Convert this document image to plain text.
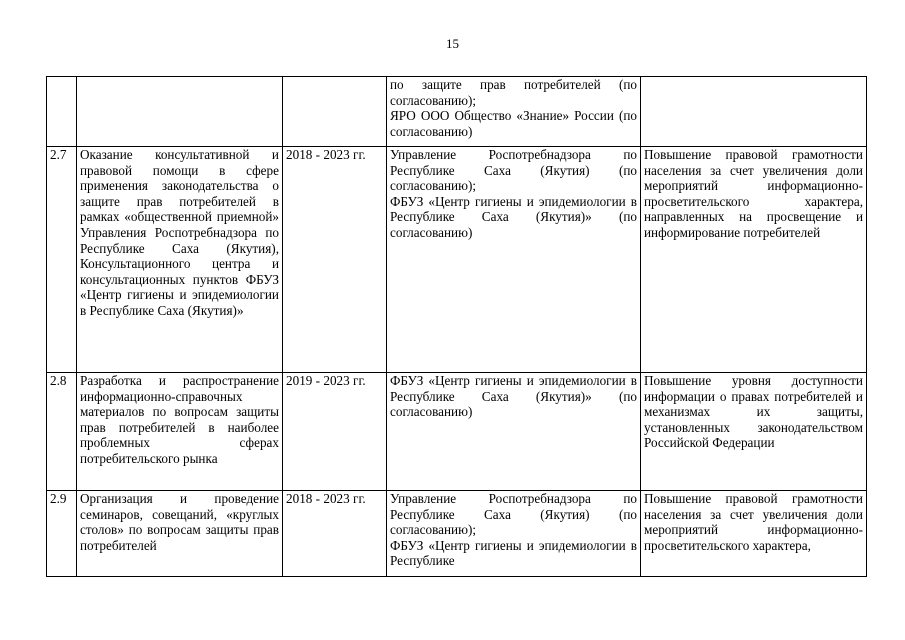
15

			по защите прав потребителей (по согласованию);
ЯРО ООО Общество «Знание» России (по согласованию)	

2.7	Оказание консультативной и правовой помощи в сфере применения законодательства о защите прав потребителей в рамках «общественной приемной» Управления Роспотребнадзора по Республике Саха (Якутия), Консультационного центра и консультационных пунктов ФБУЗ «Центр гигиены и эпидемиологии в Республике Саха (Якутия)»	2018 - 2023 гг.	Управление Роспотребнадзора по Республике Саха (Якутия) (по согласованию);
ФБУЗ «Центр гигиены и эпидемиологии в Республике Саха (Якутия)» (по согласованию)	Повышение правовой грамотности населения за счет увеличения доли мероприятий информационно-просветительского характера, направленных на просвещение и информирование потребителей
2.8	Разработка и распространение информационно-справочных материалов по вопросам защиты прав потребителей в наиболее проблемных сферах потребительского рынка	2019 - 2023 гг.	ФБУЗ «Центр гигиены и эпидемиологии в Республике Саха (Якутия)» (по согласованию)	Повышение уровня доступности информации о правах потребителей и механизмах их защиты, установленных законодательством Российской Федерации
2.9	Организация и проведение семинаров, совещаний, «круглых столов» по вопросам защиты прав потребителей	2018 - 2023 гг.	Управление Роспотребнадзора по Республике Саха (Якутия) (по согласованию);
ФБУЗ «Центр гигиены и эпидемиологии в Республике	Повышение правовой грамотности населения за счет увеличения доли мероприятий информационно-просветительского характера,
